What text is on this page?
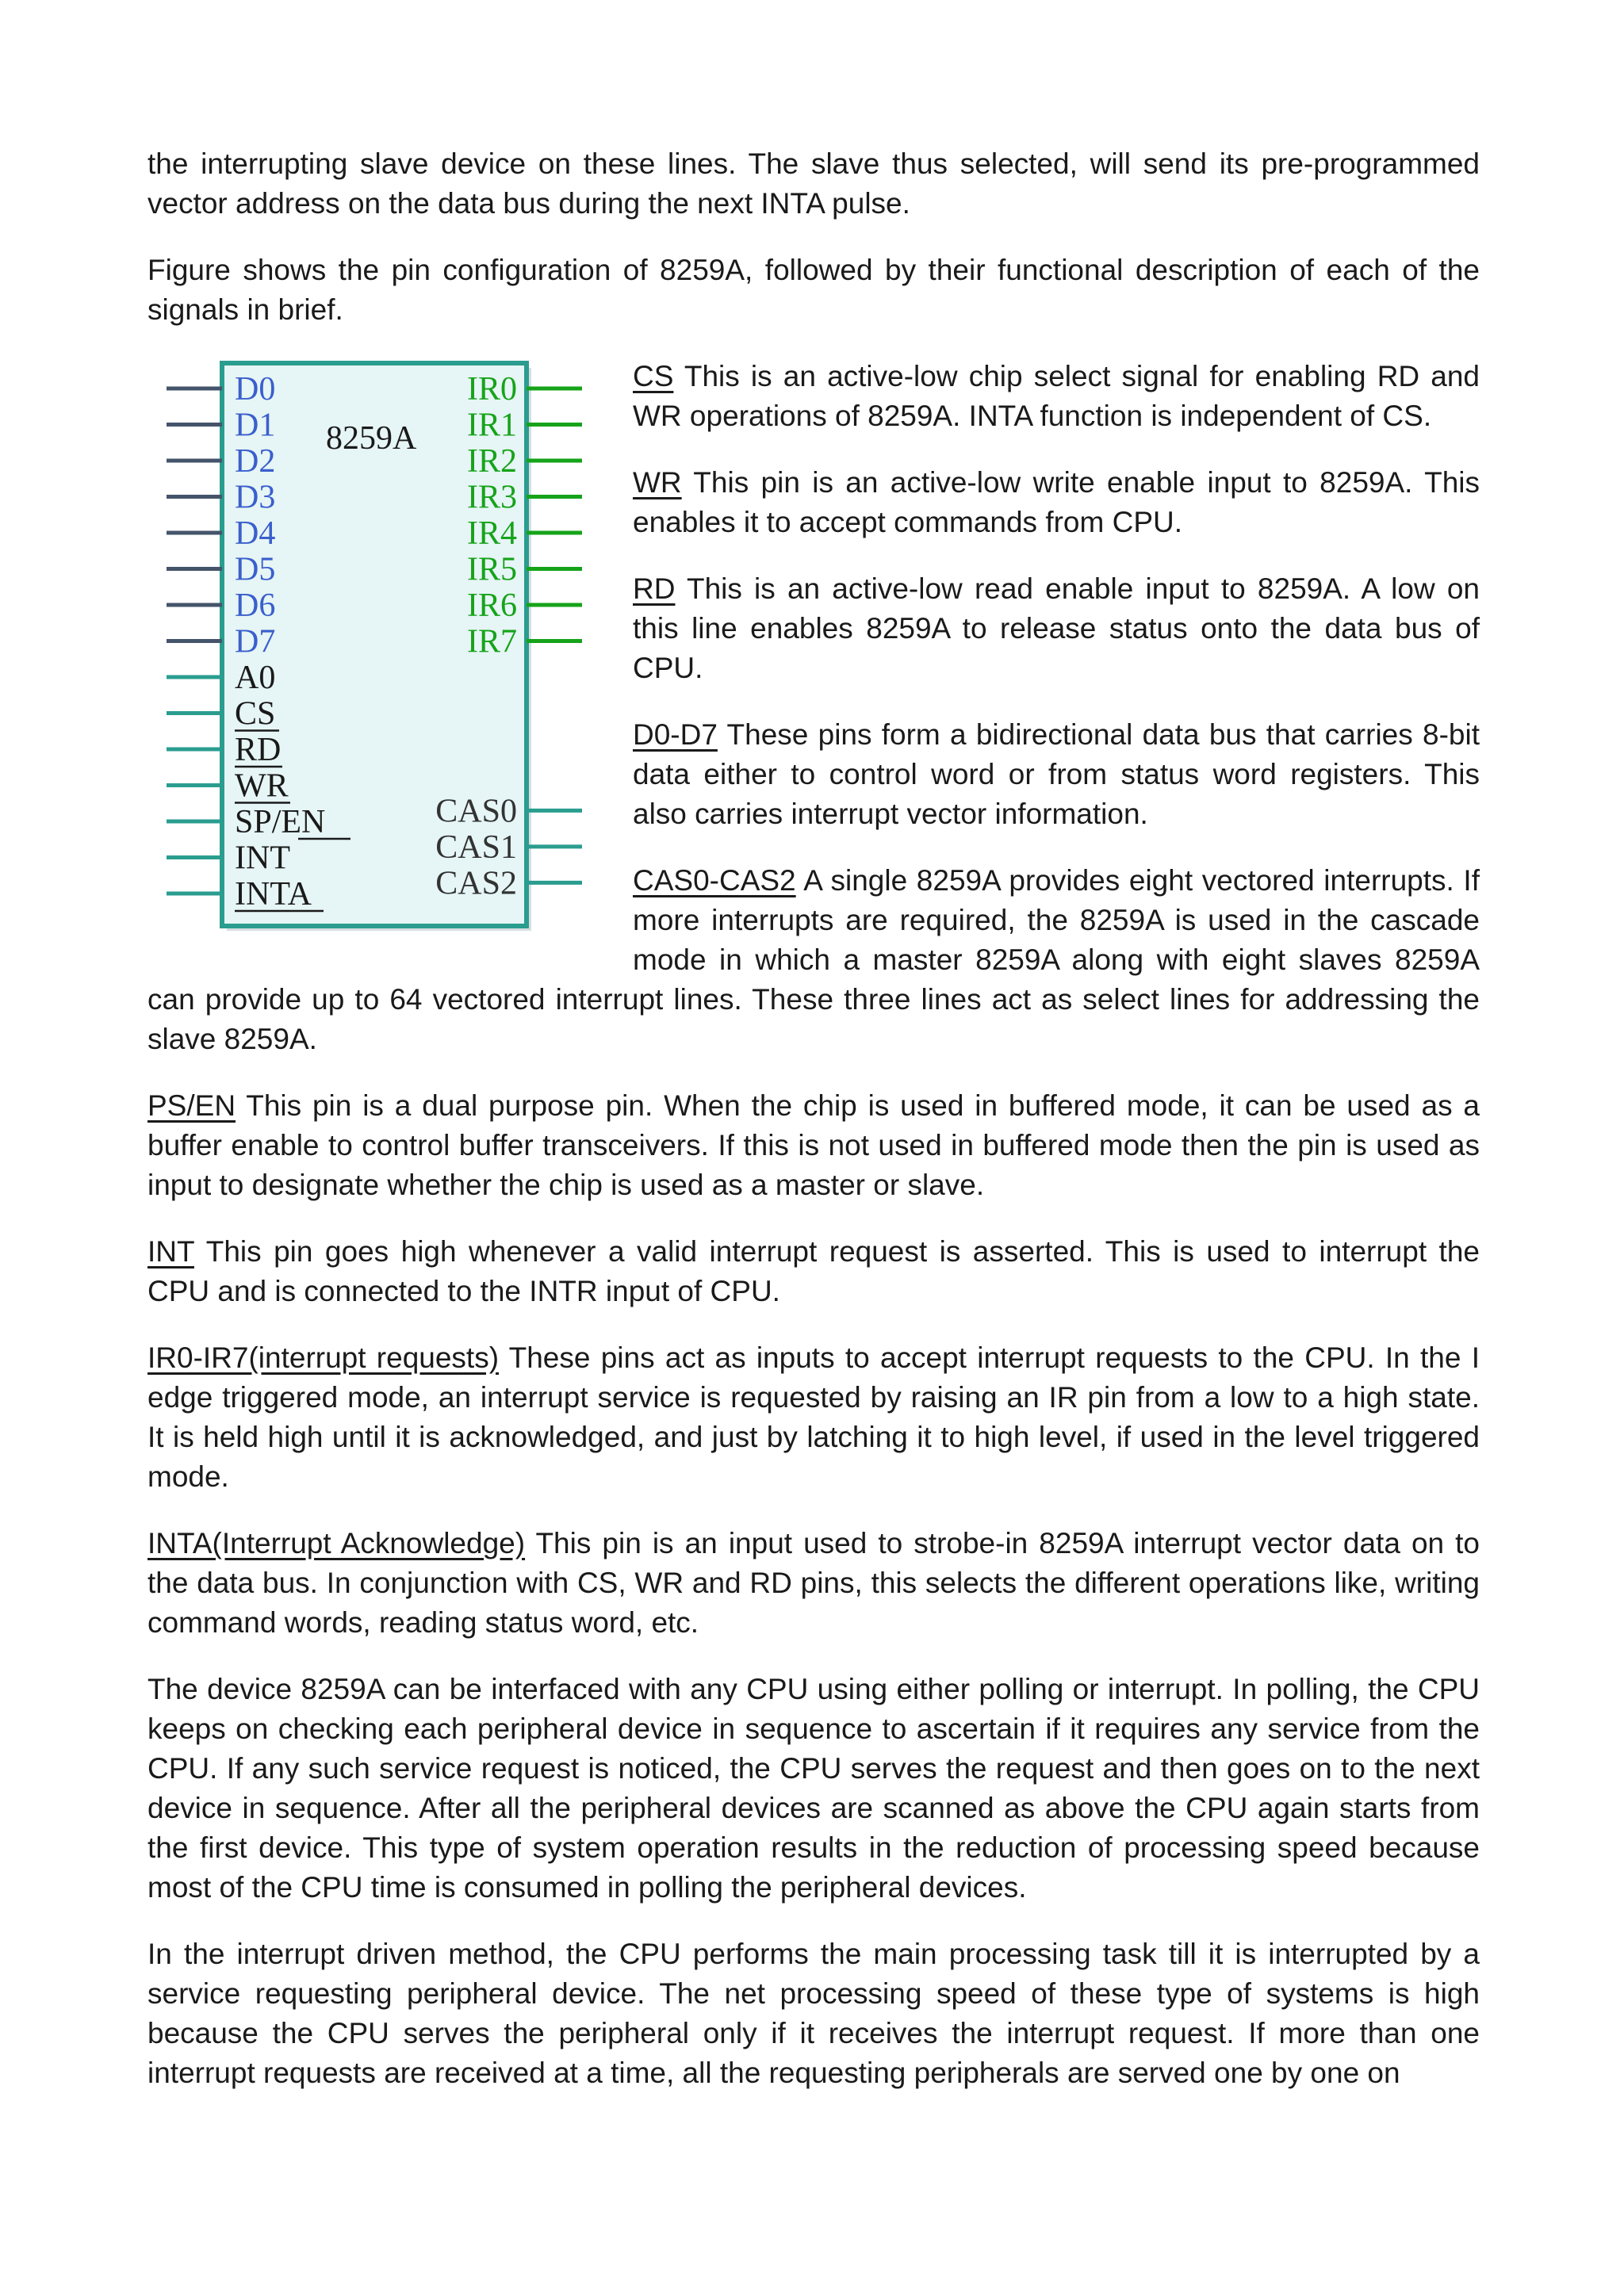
the interrupting slave device on these lines. The slave thus selected, will send its pre-programmed vector address on the data bus during the next INTA pulse.

Figure shows the pin configuration of 8259A, followed by their functional description of each of the signals in brief.

8259A
D0
D1
D2
D3
D4
D5
D6
D7
A0
CS
RD
WR
SP/EN
INT
INTA
IR0
IR1
IR2
IR3
IR4
IR5
IR6
IR7
CAS0
CAS1
CAS2

CS This is an active-low chip select signal for enabling RD and WR operations of 8259A. INTA function is independent of CS.

WR This pin is an active-low write enable input to 8259A. This enables it to accept commands from CPU.

RD This is an active-low read enable input to 8259A. A low on this line enables 8259A to release status onto the data bus of CPU.

D0-D7 These pins form a bidirectional data bus that carries 8-bit data either to control word or from status word registers. This also carries interrupt vector information.

CAS0-CAS2 A single 8259A provides eight vectored interrupts. If more interrupts are required, the 8259A is used in the cascade mode in which a master 8259A along with eight slaves 8259A can provide up to 64 vectored interrupt lines. These three lines act as select lines for addressing the slave 8259A.

PS/EN This pin is a dual purpose pin. When the chip is used in buffered mode, it can be used as a buffer enable to control buffer transceivers. If this is not used in buffered mode then the pin is used as input to designate whether the chip is used as a master or slave.

INT This pin goes high whenever a valid interrupt request is asserted. This is used to interrupt the CPU and is connected to the INTR input of CPU.

IR0-IR7(interrupt requests) These pins act as inputs to accept interrupt requests to the CPU. In the I edge triggered mode, an interrupt service is requested by raising an IR pin from a low to a high state. It is held high until it is acknowledged, and just by latching it to high level, if used in the level triggered mode.

INTA(Interrupt Acknowledge) This pin is an input used to strobe-in 8259A interrupt vector data on to the data bus. In conjunction with CS, WR and RD pins, this selects the different operations like, writing command words, reading status word, etc.

The device 8259A can be interfaced with any CPU using either polling or interrupt. In polling, the CPU keeps on checking each peripheral device in sequence to ascertain if it requires any service from the CPU. If any such service request is noticed, the CPU serves the request and then goes on to the next device in sequence. After all the peripheral devices are scanned as above the CPU again starts from the first device. This type of system operation results in the reduction of processing speed because most of the CPU time is consumed in polling the peripheral devices.

In the interrupt driven method, the CPU performs the main processing task till it is interrupted by a service requesting peripheral device. The net processing speed of these type of systems is high because the CPU serves the peripheral only if it receives the interrupt request. If more than one interrupt requests are received at a time, all the requesting peripherals are served one by one on
